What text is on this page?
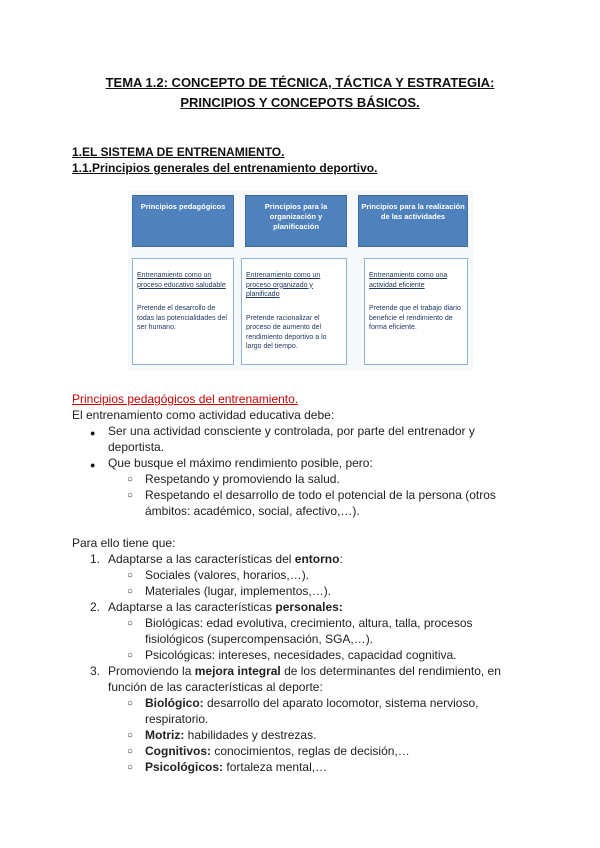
TEMA 1.2: CONCEPTO DE TÉCNICA, TÁCTICA Y ESTRATEGIA:
PRINCIPIOS Y CONCEPOTS BÁSICOS.
1.EL SISTEMA DE ENTRENAMIENTO.
1.1.Principios generales del entrenamiento deportivo.
Principios pedagógicos	Principios para la organización y planificación
Principios para la realización de las actividades
Entrenamiento como un proceso educativo saludable
Pretende el desarrollo de todas las potencialidades del ser humano.
Entrenamiento como un proceso organizado y planificado
Pretende racionalizar el proceso de aumento del rendimiento deportivo a lo largo del tiempo.
Entrenamiento como una actividad eficiente
Pretende que el trabajo diario beneficie el rendimiento de forma eficiente.
Principios pedagógicos del entrenamiento.
El entrenamiento como actividad educativa debe:
● Ser una actividad consciente y controlada, por parte del entrenador y
deportista.
● Que busque el máximo rendimiento posible, pero:
○ Respetando y promoviendo la salud.
○ Respetando el desarrollo de todo el potencial de la persona (otros
ámbitos: académico, social, afectivo,…).
Para ello tiene que:
1. Adaptarse a las características del entorno:
○ Sociales (valores, horarios,…).
○ Materiales (lugar, implementos,…).
2. Adaptarse a las características personales:
○ Biológicas: edad evolutiva, crecimiento, altura, talla, procesos
fisiológicos (supercompensación, SGA,…).
○ Psicológicas: intereses, necesidades, capacidad cognitiva.
3. Promoviendo la mejora integral de los determinantes del rendimiento, en
función de las características al deporte:
○ Biológico: desarrollo del aparato locomotor, sistema nervioso,
respiratorio.
○ Motriz: habilidades y destrezas.
○ Cognitivos: conocimientos, reglas de decisión,…
○ Psicológicos: fortaleza mental,…
